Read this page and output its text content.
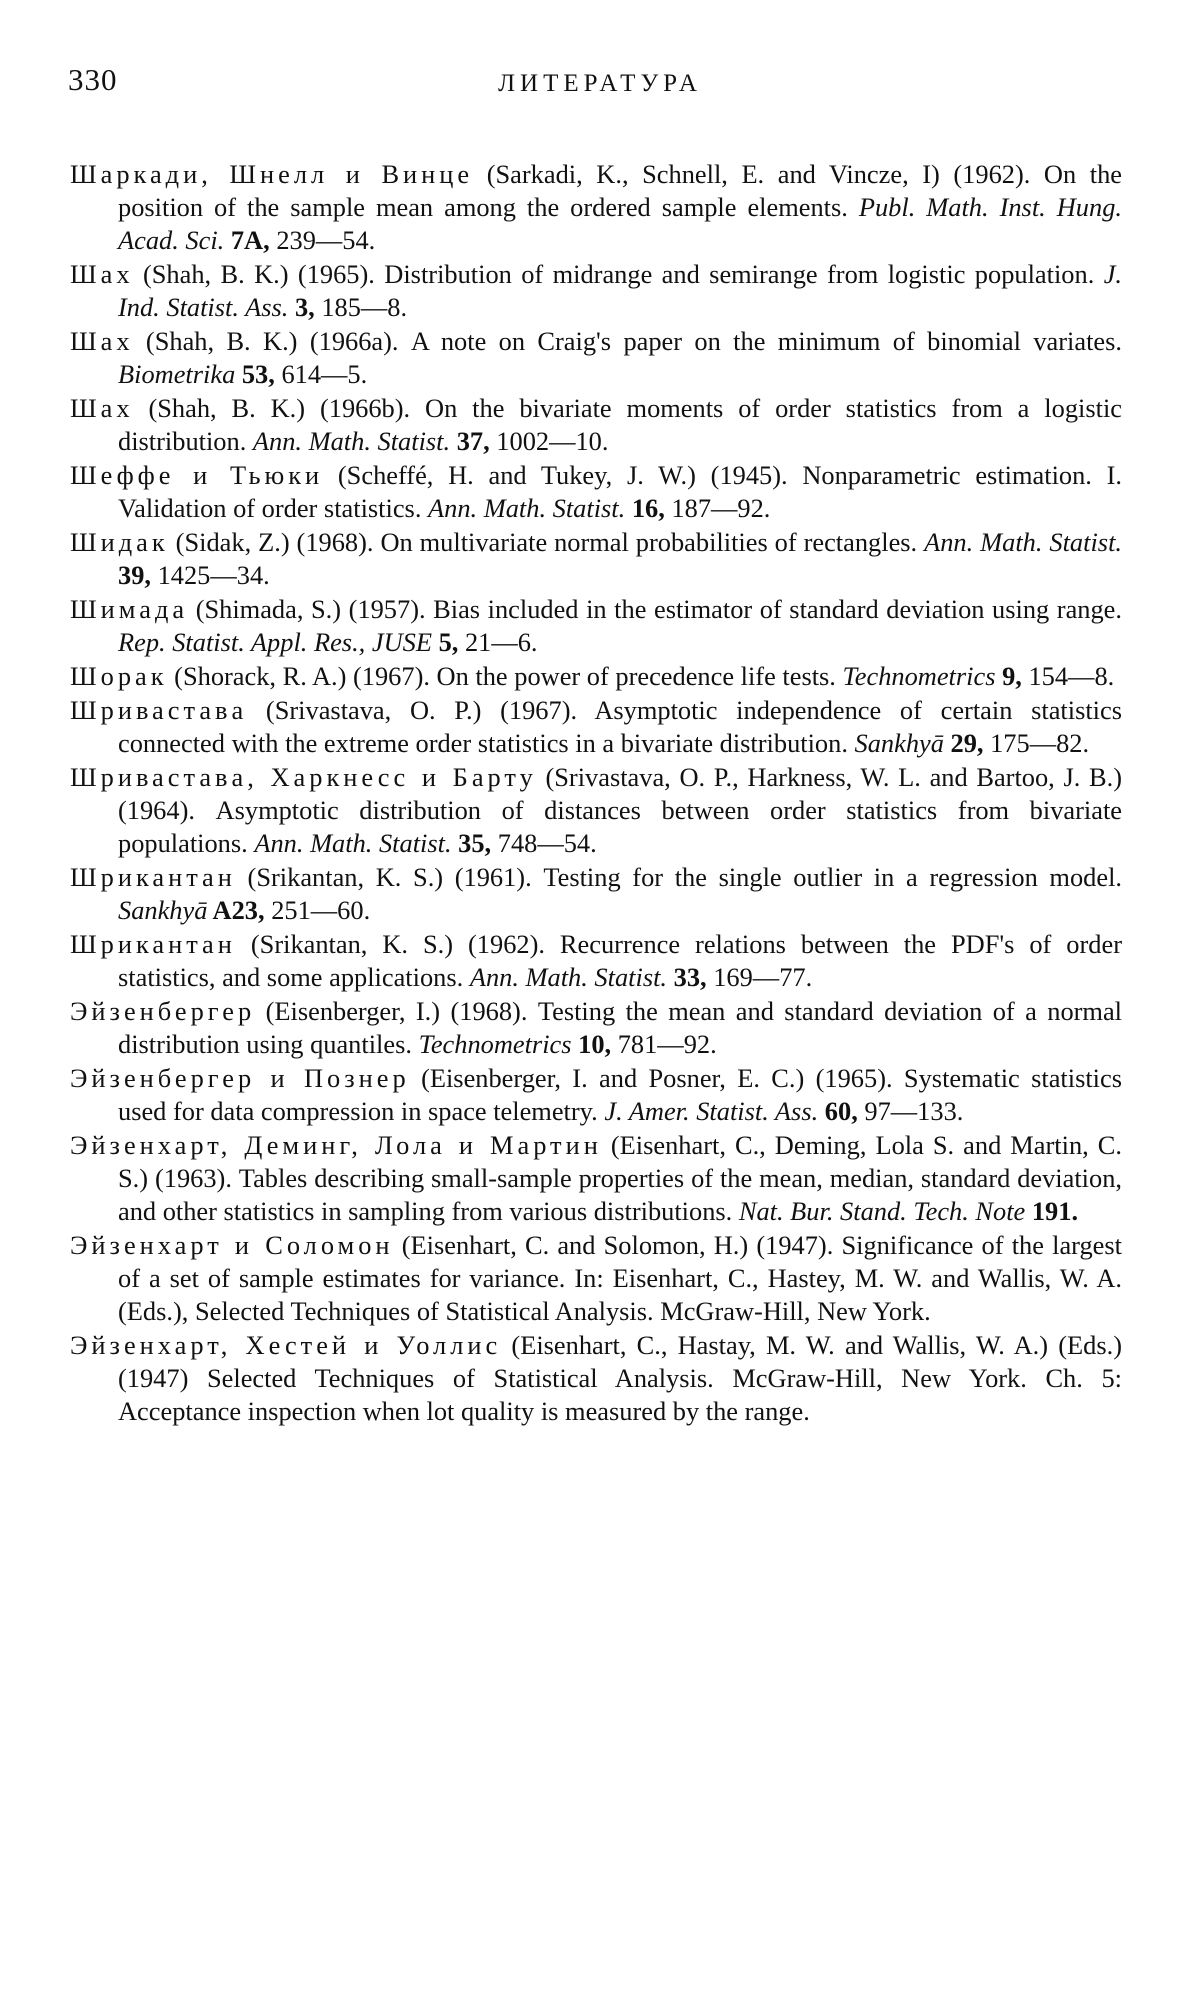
330	ЛИТЕРАТУРА

Шаркади, Шнелл и Винце (Sarkadi, K., Schnell, E. and Vincze, I) (1962). On the position of the sample mean among the ordered sample elements. Publ. Math. Inst. Hung. Acad. Sci. 7A, 239—54.

Шах (Shah, B. K.) (1965). Distribution of midrange and semirange from logistic population. J. Ind. Statist. Ass. 3, 185—8.

Шах (Shah, B. K.) (1966a). A note on Craig's paper on the minimum of binomial variates. Biometrika 53, 614—5.

Шах (Shah, B. K.) (1966b). On the bivariate moments of order statistics from a logistic distribution. Ann. Math. Statist. 37, 1002—10.

Шеффе и Тьюки (Scheffé, H. and Tukey, J. W.) (1945). Nonparametric estimation. I. Validation of order statistics. Ann. Math. Statist. 16, 187—92.

Шидак (Sidak, Z.) (1968). On multivariate normal probabilities of rectangles. Ann. Math. Statist. 39, 1425—34.

Шимада (Shimada, S.) (1957). Bias included in the estimator of standard deviation using range. Rep. Statist. Appl. Res., JUSE 5, 21—6.

Шорак (Shorack, R. A.) (1967). On the power of precedence life tests. Technometrics 9, 154—8.

Шриваставa (Srivastava, O. P.) (1967). Asymptotic independence of certain statistics connected with the extreme order statistics in a bivariate distribution. Sankhyā 29, 175—82.

Шриваставa, Харкнесс и Барту (Srivastava, O. P., Harkness, W. L. and Bartoo, J. B.) (1964). Asymptotic distribution of distances between order statistics from bivariate populations. Ann. Math. Statist. 35, 748—54.

Шрикантан (Srikantan, K. S.) (1961). Testing for the single outlier in a regression model. Sankhyā A23, 251—60.

Шрикантан (Srikantan, K. S.) (1962). Recurrence relations between the PDF's of order statistics, and some applications. Ann. Math. Statist. 33, 169—77.

Эйзенбергер (Eisenberger, I.) (1968). Testing the mean and standard deviation of a normal distribution using quantiles. Technometrics 10, 781—92.

Эйзенбергер и Познер (Eisenberger, I. and Posner, E. C.) (1965). Systematic statistics used for data compression in space telemetry. J. Amer. Statist. Ass. 60, 97—133.

Эйзенхарт, Деминг, Лола и Мартин (Eisenhart, C., Deming, Lola S. and Martin, C. S.) (1963). Tables describing small-sample properties of the mean, median, standard deviation, and other statistics in sampling from various distributions. Nat. Bur. Stand. Tech. Note 191.

Эйзенхарт и Соломон (Eisenhart, C. and Solomon, H.) (1947). Significance of the largest of a set of sample estimates for variance. In: Eisenhart, C., Hastey, M. W. and Wallis, W. A. (Eds.), Selected Techniques of Statistical Analysis. McGraw-Hill, New York.

Эйзенхарт, Хестей и Уоллис (Eisenhart, C., Hastay, M. W. and Wallis, W. A.) (Eds.) (1947) Selected Techniques of Statistical Analysis. McGraw-Hill, New York. Ch. 5: Acceptance inspection when lot quality is measured by the range.
